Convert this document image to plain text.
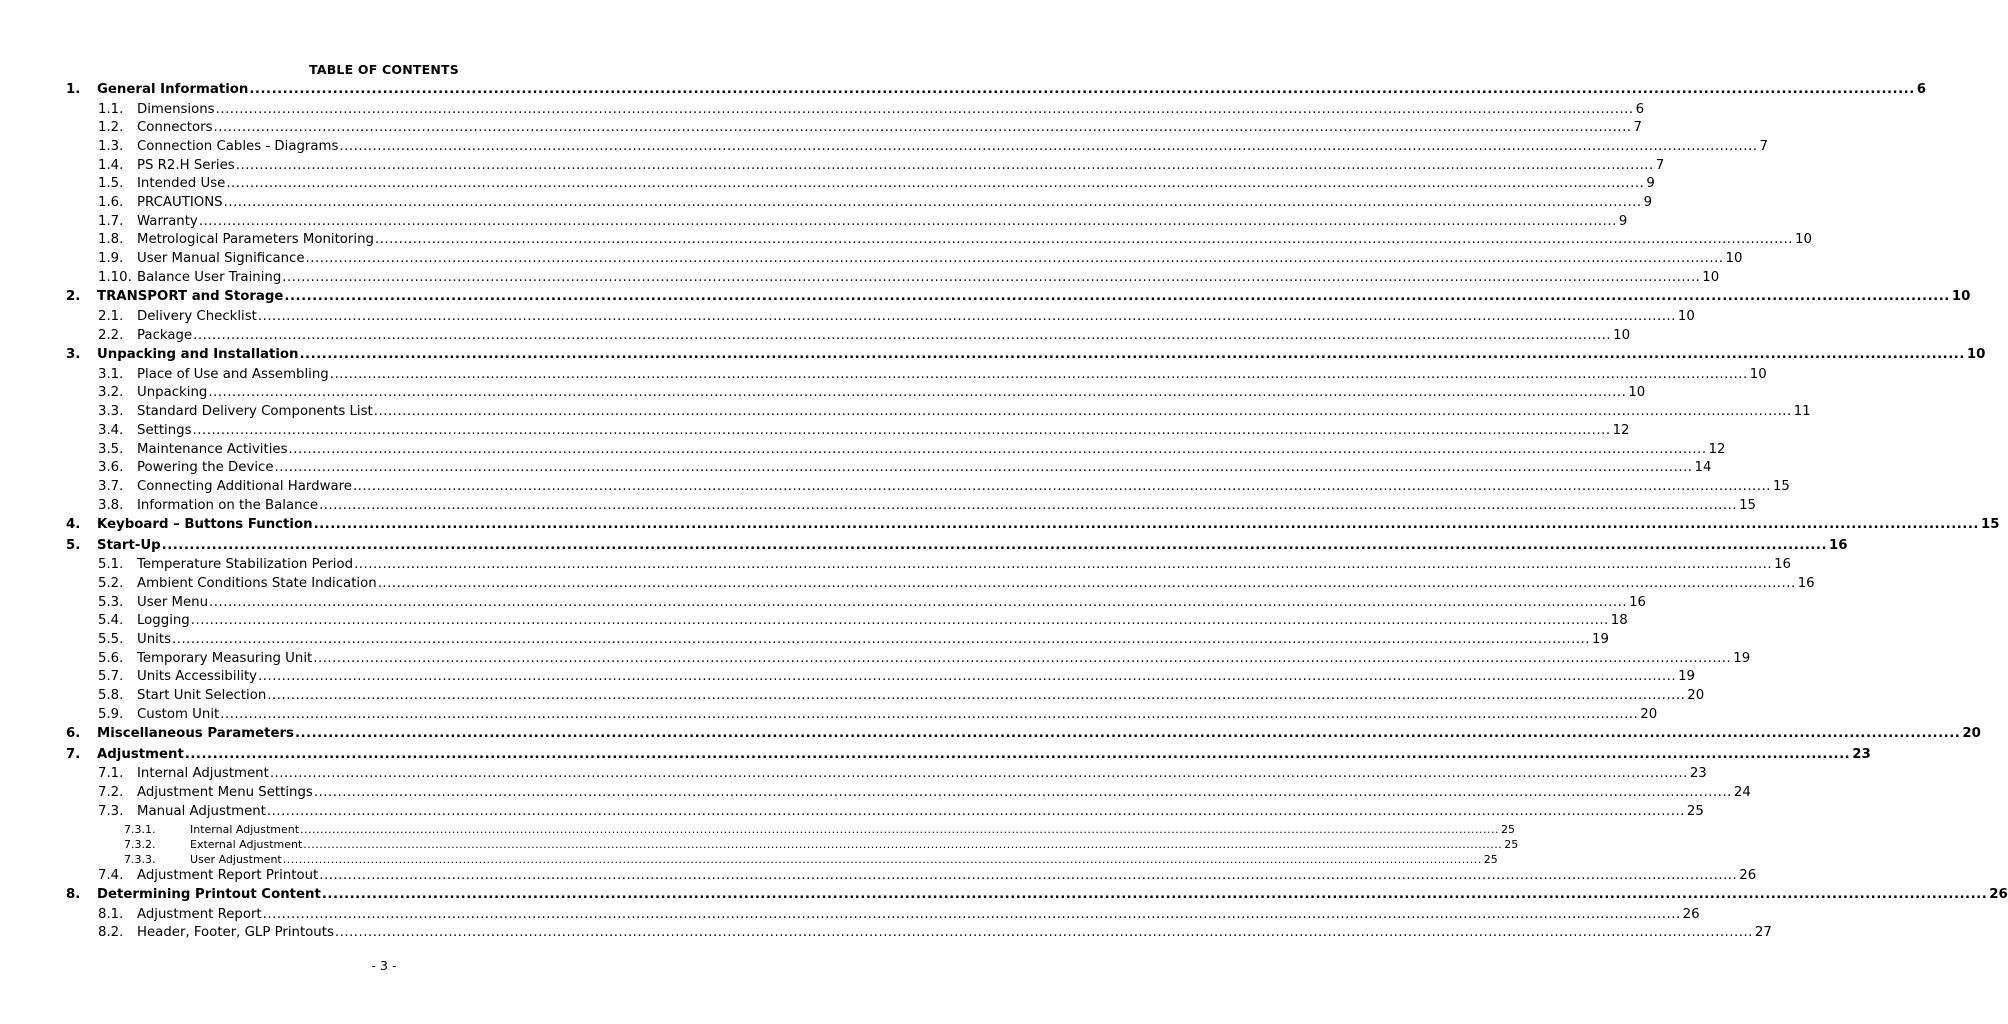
TABLE OF CONTENTS
1. General Information ............................................................................................................................................................................................................................................................................................................ 6
1.1. Dimensions ............................................................................................................................................................................................................................................................................................................ 6
1.2. Connectors ............................................................................................................................................................................................................................................................................................................ 7
1.3. Connection Cables - Diagrams ............................................................................................................................................................................................................................................................................................................ 7
1.4. PS R2.H Series ............................................................................................................................................................................................................................................................................................................ 7
1.5. Intended Use ............................................................................................................................................................................................................................................................................................................ 9
1.6. PRCAUTIONS ............................................................................................................................................................................................................................................................................................................ 9
1.7. Warranty ............................................................................................................................................................................................................................................................................................................ 9
1.8. Metrological Parameters Monitoring ............................................................................................................................................................................................................................................................................................................ 10
1.9. User Manual Significance ............................................................................................................................................................................................................................................................................................................ 10
1.10. Balance User Training ............................................................................................................................................................................................................................................................................................................ 10
2. TRANSPORT and Storage ............................................................................................................................................................................................................................................................................................................ 10
2.1. Delivery Checklist ............................................................................................................................................................................................................................................................................................................ 10
2.2. Package ............................................................................................................................................................................................................................................................................................................ 10
3. Unpacking and Installation ............................................................................................................................................................................................................................................................................................................ 10
3.1. Place of Use and Assembling ............................................................................................................................................................................................................................................................................................................ 10
3.2. Unpacking ............................................................................................................................................................................................................................................................................................................ 10
3.3. Standard Delivery Components List ............................................................................................................................................................................................................................................................................................................ 11
3.4. Settings ............................................................................................................................................................................................................................................................................................................ 12
3.5. Maintenance Activities ............................................................................................................................................................................................................................................................................................................ 12
3.6. Powering the Device ............................................................................................................................................................................................................................................................................................................ 14
3.7. Connecting Additional Hardware ............................................................................................................................................................................................................................................................................................................ 15
3.8. Information on the Balance ............................................................................................................................................................................................................................................................................................................ 15
4. Keyboard – Buttons Function ............................................................................................................................................................................................................................................................................................................ 15
5. Start-Up ............................................................................................................................................................................................................................................................................................................ 16
5.1. Temperature Stabilization Period ............................................................................................................................................................................................................................................................................................................ 16
5.2. Ambient Conditions State Indication ............................................................................................................................................................................................................................................................................................................ 16
5.3. User Menu ............................................................................................................................................................................................................................................................................................................ 16
5.4. Logging ............................................................................................................................................................................................................................................................................................................ 18
5.5. Units ............................................................................................................................................................................................................................................................................................................ 19
5.6. Temporary Measuring Unit ............................................................................................................................................................................................................................................................................................................ 19
5.7. Units Accessibility ............................................................................................................................................................................................................................................................................................................ 19
5.8. Start Unit Selection ............................................................................................................................................................................................................................................................................................................ 20
5.9. Custom Unit ............................................................................................................................................................................................................................................................................................................ 20
6. Miscellaneous Parameters ............................................................................................................................................................................................................................................................................................................ 20
7. Adjustment ............................................................................................................................................................................................................................................................................................................ 23
7.1. Internal Adjustment ............................................................................................................................................................................................................................................................................................................ 23
7.2. Adjustment Menu Settings ............................................................................................................................................................................................................................................................................................................ 24
7.3. Manual Adjustment ............................................................................................................................................................................................................................................................................................................ 25
7.3.1.	Internal Adjustment ............................................................................................................................................................................................................................................................................................................ 25
7.3.2.	External Adjustment ............................................................................................................................................................................................................................................................................................................ 25
7.3.3.	User Adjustment ............................................................................................................................................................................................................................................................................................................ 25
7.4. Adjustment Report Printout ............................................................................................................................................................................................................................................................................................................ 26
8. Determining Printout Content ............................................................................................................................................................................................................................................................................................................ 26
8.1. Adjustment Report ............................................................................................................................................................................................................................................................................................................ 26
8.2. Header, Footer, GLP Printouts ............................................................................................................................................................................................................................................................................................................ 27
- 3 -
